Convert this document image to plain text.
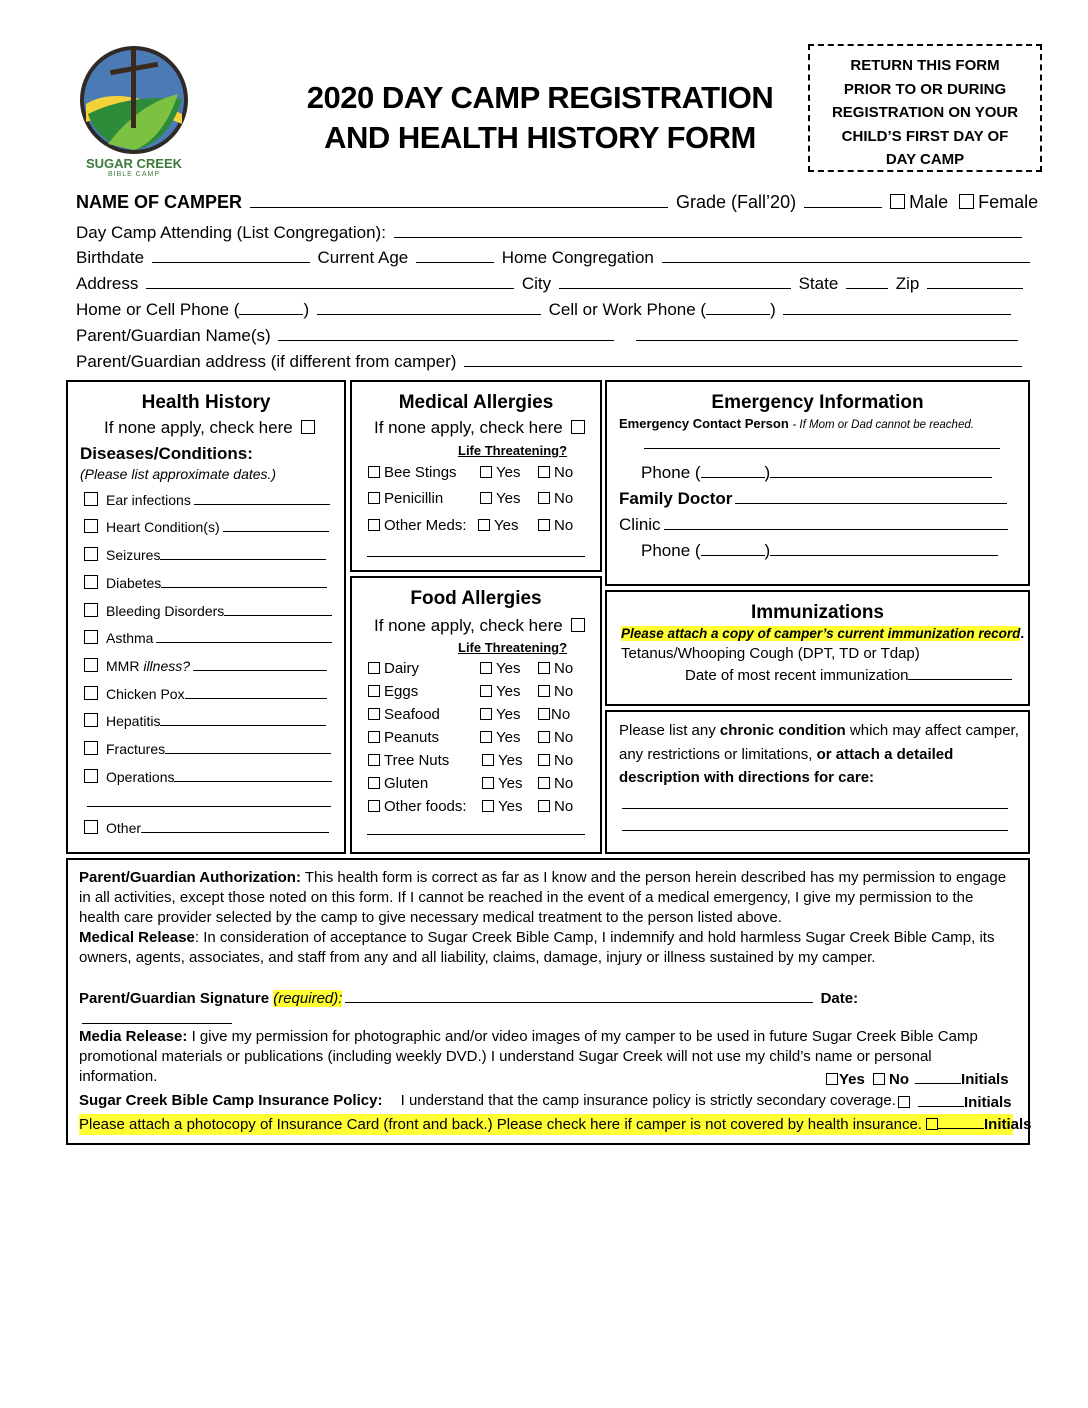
SUGAR CREEK
BIBLE CAMP
2020 DAY CAMP REGISTRATION
AND HEALTH HISTORY FORM
RETURN THIS FORM
PRIOR TO OR DURING
REGISTRATION ON YOUR
CHILD’S FIRST DAY OF
DAY CAMP
NAME OF CAMPER	Grade (Fall’20)	Male Female
Day Camp Attending (List Congregation):
Birthdate	Current Age	Home Congregation
Address	City	State	Zip
Home or Cell Phone (	)	Cell or Work Phone (	)
Parent/Guardian Name(s)
Parent/Guardian address (if different from camper)
Health History
If none apply, check here
Diseases/Conditions:
(Please list approximate dates.)
Ear infections
Heart Condition(s)
Seizures
Diabetes
Bleeding Disorders
Asthma
MMR illness?
Chicken Pox
Hepatitis
Fractures
Operations
Other
Medical Allergies
If none apply, check here
Life Threatening?
Bee Stings	Yes	No
Penicillin	Yes	No
Other Meds:	Yes	No
Food Allergies
If none apply, check here
Life Threatening?
Dairy	Yes	No
Eggs	Yes	No
Seafood	Yes	No
Peanuts	Yes	No
Tree Nuts	Yes	No
Gluten	Yes	No
Other foods:	Yes	No
Emergency Information
Emergency Contact Person - If Mom or Dad cannot be reached.
Phone (	)
Family Doctor
Clinic
Phone (	)
Immunizations
Please attach a copy of camper’s current immunization record.
Tetanus/Whooping Cough (DPT, TD or Tdap)
Date of most recent immunization
Please list any chronic condition which may affect camper,
any restrictions or limitations, or attach a detailed
description with directions for care:
Parent/Guardian Authorization: This health form is correct as far as I know and the person herein described has my permission to engage in all activities, except those noted on this form. If I cannot be reached in the event of a medical emergency, I give my permission to the health care provider selected by the camp to give necessary medical treatment to the person listed above.
Medical Release: In consideration of acceptance to Sugar Creek Bible Camp, I indemnify and hold harmless Sugar Creek Bible Camp, its owners, agents, associates, and staff from any and all liability, claims, damage, injury or illness sustained by my camper.
Parent/Guardian Signature (required):	Date:
Media Release: I give my permission for photographic and/or video images of my camper to be used in future Sugar Creek Bible Camp promotional materials or publications (including weekly DVD.) I understand Sugar Creek will not use my child’s name or personal information.	Yes No	Initials
Sugar Creek Bible Camp Insurance Policy: I understand that the camp insurance policy is strictly secondary coverage.	Initials
Please attach a photocopy of Insurance Card (front and back.) Please check here if camper is not covered by health insurance.	Initials
